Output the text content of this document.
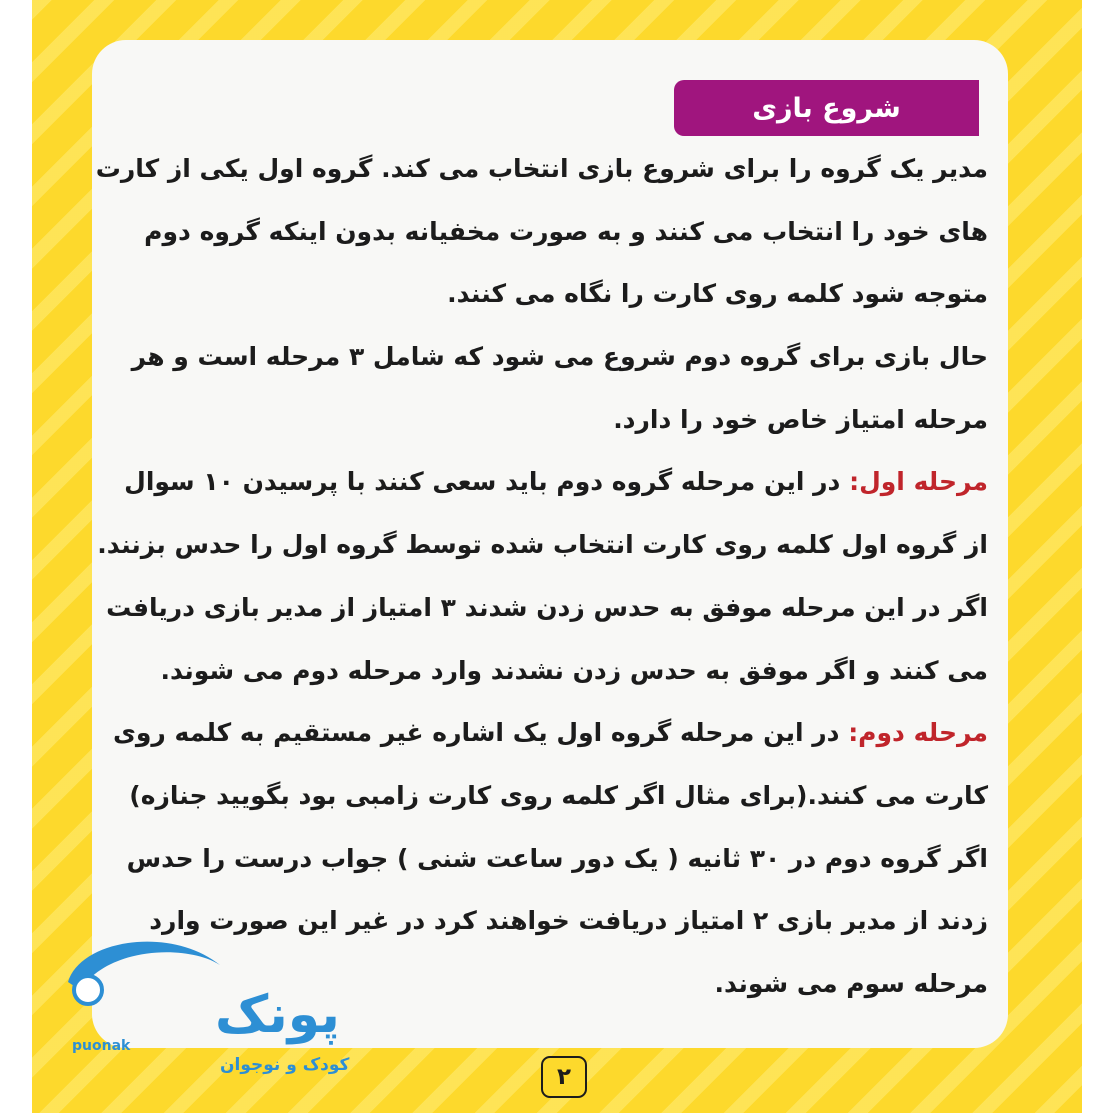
شروع بازی
مدیر یک گروه را برای شروع بازی انتخاب می کند. گروه اول یکی از کارت
های خود را انتخاب می کنند و به صورت مخفیانه بدون اینکه گروه دوم
متوجه شود کلمه روی کارت را نگاه می کنند.
حال بازی برای گروه دوم شروع می شود که شامل ۳ مرحله است و هر
مرحله امتیاز خاص خود را دارد.
مرحله اول: در این مرحله گروه دوم باید سعی کنند با پرسیدن ۱۰ سوال
از گروه اول کلمه روی کارت انتخاب شده توسط گروه اول را حدس بزنند.
اگر در این مرحله موفق به حدس زدن شدند ۳ امتیاز از مدیر بازی دریافت
می کنند و اگر موفق به حدس زدن نشدند وارد مرحله دوم می شوند.
مرحله دوم: در این مرحله گروه اول یک اشاره غیر مستقیم به کلمه روی
کارت می کنند.(برای مثال اگر کلمه روی کارت زامبی بود بگویید جنازه)
اگر گروه دوم در ۳۰ ثانیه ( یک دور ساعت شنی ) جواب درست را حدس
زدند از مدیر بازی ۲ امتیاز دریافت خواهند کرد در غیر این صورت وارد
مرحله سوم می شوند.
۲
پونک
puonak
کودک و نوجوان
